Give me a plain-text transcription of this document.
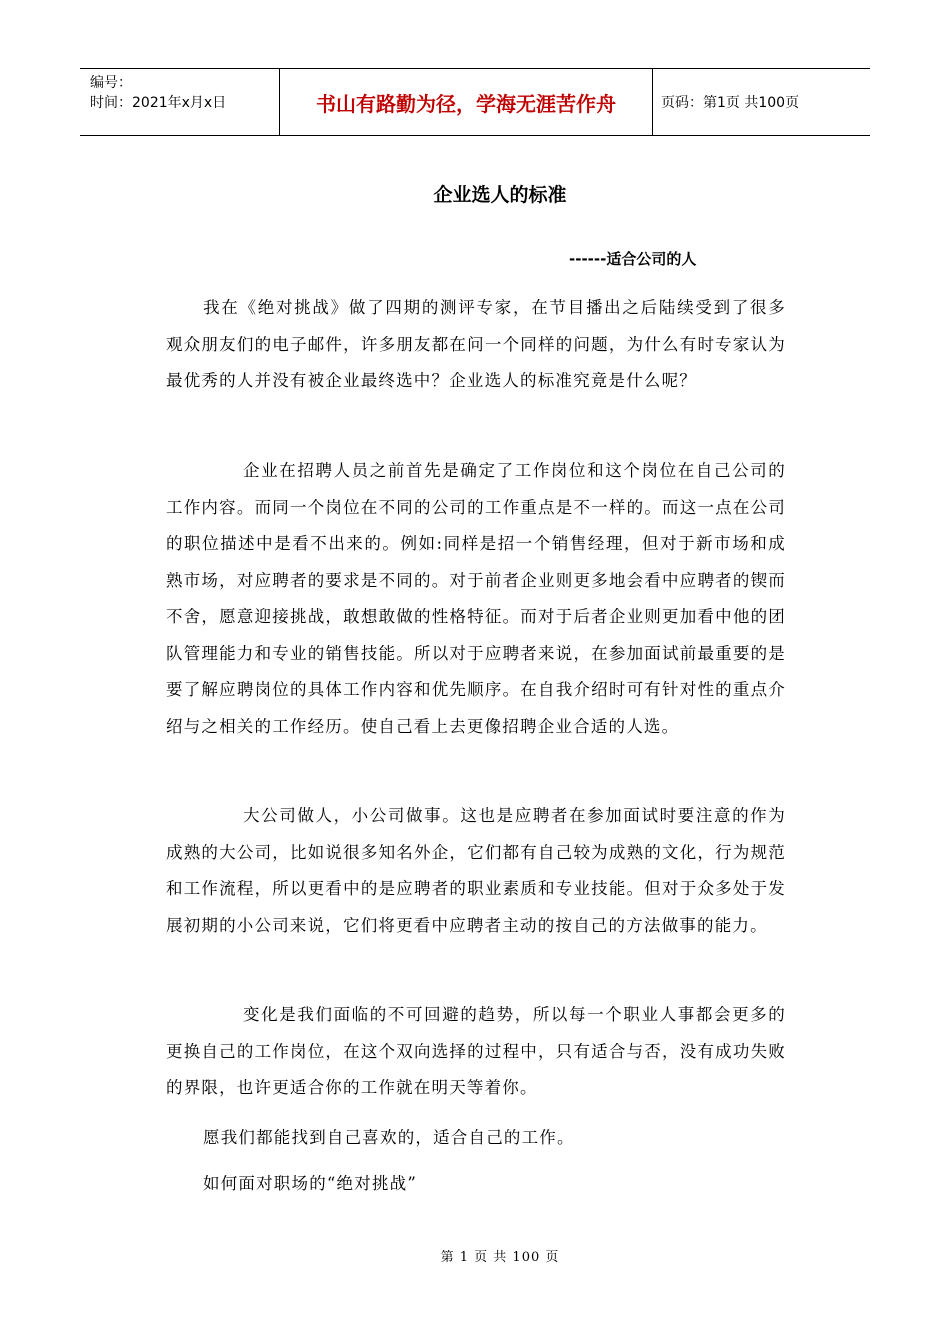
编号：
时间：2021年x月x日	书山有路勤为径，学海无涯苦作舟	页码：第1页 共100页
企业选人的标准
------适合公司的人
我在《绝对挑战》做了四期的测评专家，在节目播出之后陆续受到了很多观众朋友们的电子邮件，许多朋友都在问一个同样的问题，为什么有时专家认为最优秀的人并没有被企业最终选中？企业选人的标准究竟是什么呢？
企业在招聘人员之前首先是确定了工作岗位和这个岗位在自己公司的工作内容。而同一个岗位在不同的公司的工作重点是不一样的。而这一点在公司的职位描述中是看不出来的。例如:同样是招一个销售经理，但对于新市场和成熟市场，对应聘者的要求是不同的。对于前者企业则更多地会看中应聘者的锲而不舍，愿意迎接挑战，敢想敢做的性格特征。而对于后者企业则更加看中他的团队管理能力和专业的销售技能。所以对于应聘者来说，在参加面试前最重要的是要了解应聘岗位的具体工作内容和优先顺序。在自我介绍时可有针对性的重点介绍与之相关的工作经历。使自己看上去更像招聘企业合适的人选。
大公司做人，小公司做事。这也是应聘者在参加面试时要注意的作为成熟的大公司，比如说很多知名外企，它们都有自己较为成熟的文化，行为规范和工作流程，所以更看中的是应聘者的职业素质和专业技能。但对于众多处于发展初期的小公司来说，它们将更看中应聘者主动的按自己的方法做事的能力。
变化是我们面临的不可回避的趋势，所以每一个职业人事都会更多的更换自己的工作岗位，在这个双向选择的过程中，只有适合与否，没有成功失败的界限，也许更适合你的工作就在明天等着你。
愿我们都能找到自己喜欢的，适合自己的工作。
如何面对职场的“绝对挑战”
第 1 页 共 100 页
